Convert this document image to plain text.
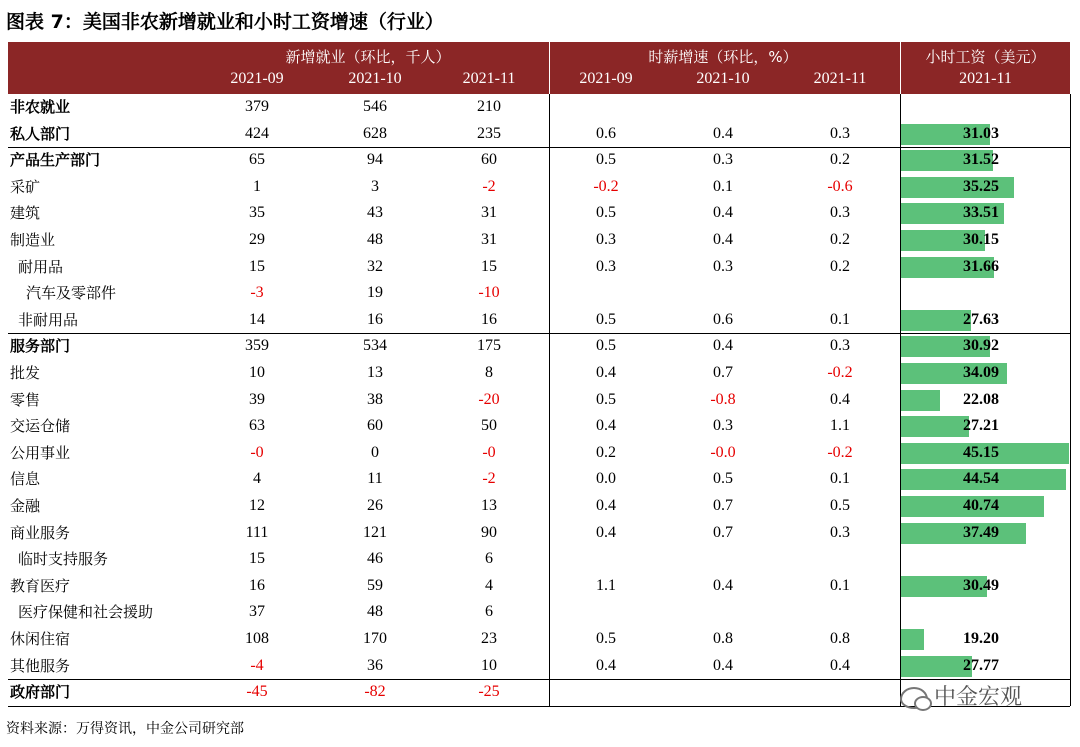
图表 7：美国非农新增就业和小时工资增速（行业）
新增就业（环比，千人）	时薪增速（环比，%）	小时工资（美元）
2021-09	2021-10	2021-11	2021-09	2021-10	2021-11	2021-11
非农就业	379	546	210
私人部门	424	628	235	0.6	0.4	0.3	31.03
产品生产部门	65	94	60	0.5	0.3	0.2	31.52
采矿	1	3	-2	-0.2	0.1	-0.6	35.25
建筑	35	43	31	0.5	0.4	0.3	33.51
制造业	29	48	31	0.3	0.4	0.2	30.15
耐用品	15	32	15	0.3	0.3	0.2	31.66
汽车及零部件	-3	19	-10
非耐用品	14	16	16	0.5	0.6	0.1	27.63
服务部门	359	534	175	0.5	0.4	0.3	30.92
批发	10	13	8	0.4	0.7	-0.2	34.09
零售	39	38	-20	0.5	-0.8	0.4	22.08
交运仓储	63	60	50	0.4	0.3	1.1	27.21
公用事业	-0	0	-0	0.2	-0.0	-0.2	45.15
信息	4	11	-2	0.0	0.5	0.1	44.54
金融	12	26	13	0.4	0.7	0.5	40.74
商业服务	111	121	90	0.4	0.7	0.3	37.49
临时支持服务	15	46	6
教育医疗	16	59	4	1.1	0.4	0.1	30.49
医疗保健和社会援助	37	48	6
休闲住宿	108	170	23	0.5	0.8	0.8	19.20
其他服务	-4	36	10	0.4	0.4	0.4	27.77
政府部门	-45	-82	-25	中金宏观
资料来源：万得资讯，中金公司研究部
